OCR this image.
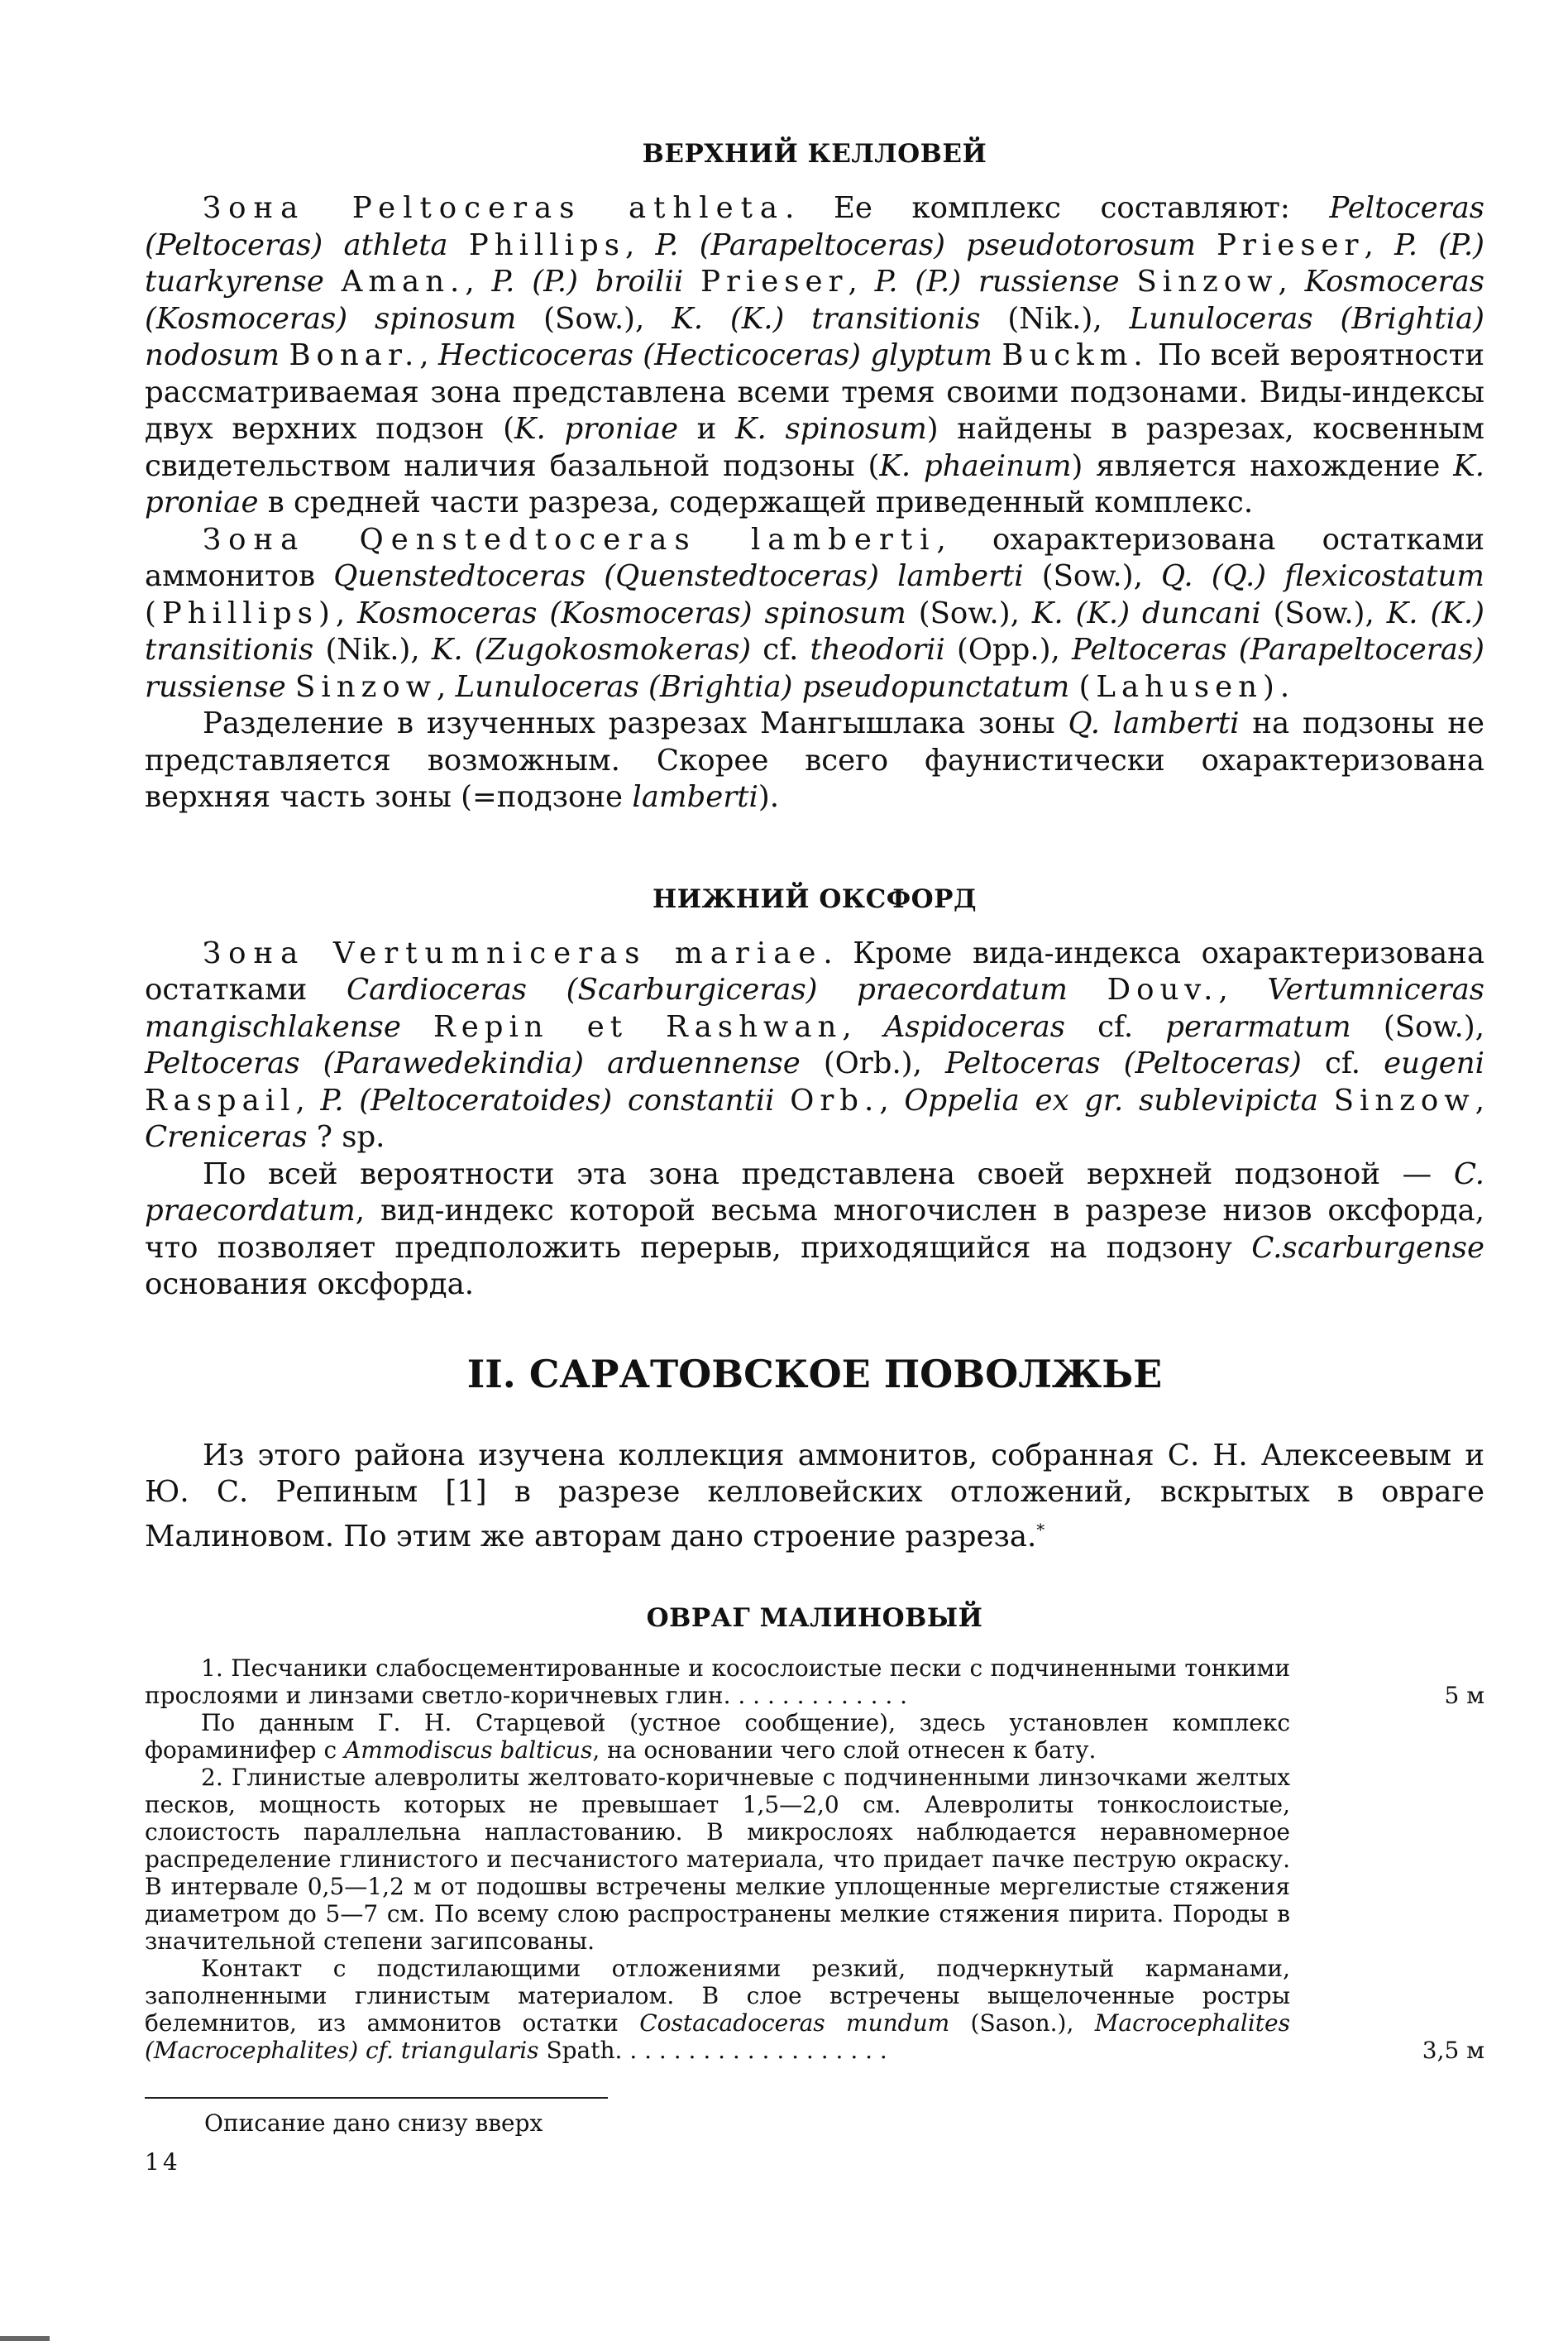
ВЕРХНИЙ КЕЛЛОВЕЙ

Зона Peltoceras athleta. Ее комплекс составляют: Peltoceras (Peltoceras) athleta Phillips, P. (Parapeltoceras) pseudotorosum Prieser, P. (P.) tuarkyrense Aman., P. (P.) broilii Prieser, P. (P.) russiense Sinzow, Kosmoceras (Kosmoceras) spinosum (Sow.), K. (K.) transitionis (Nik.), Lunuloceras (Brightia) nodosum Bonar., Hecticoceras (Hecticoceras) glyptum Buckm. По всей вероятности рассматриваемая зона представлена всеми тремя своими подзонами. Виды-индексы двух верхних подзон (K. proniae и K. spinosum) найдены в разрезах, косвенным свидетельством наличия базальной подзоны (K. phaeinum) является нахождение K. proniae в средней части разреза, содержащей приведенный комплекс.

Зона Qenstedtoceras lamberti, охарактеризована остатками аммонитов Quenstedtoceras (Quenstedtoceras) lamberti (Sow.), Q. (Q.) flexicostatum (Phillips), Kosmoceras (Kosmoceras) spinosum (Sow.), K. (K.) duncani (Sow.), K. (K.) transitionis (Nik.), K. (Zugokosmokeras) cf. theodorii (Opp.), Peltoceras (Parapeltoceras) russiense Sinzow, Lunuloceras (Brightia) pseudopunctatum (Lahusen).

Разделение в изученных разрезах Мангышлака зоны Q. lamberti на подзоны не представляется возможным. Скорее всего фаунистически охарактеризована верхняя часть зоны (=подзоне lamberti).

НИЖНИЙ ОКСФОРД

Зона Vertumniceras mariae. Кроме вида-индекса охарактеризована остатками Cardioceras (Scarburgiceras) praecordatum Douv., Vertumniceras mangischlakense Repin et Rashwan, Aspidoceras cf. perarmatum (Sow.), Peltoceras (Parawedekindia) arduennense (Orb.), Peltoceras (Peltoceras) cf. eugeni Raspail, P. (Peltoceratoides) constantii Orb., Oppelia ex gr. sublevipicta Sinzow, Creniceras ? sp.

По всей вероятности эта зона представлена своей верхней подзоной — C. praecordatum, вид-индекс которой весьма многочислен в разрезе низов оксфорда, что позволяет предположить перерыв, приходящийся на подзону C.scarburgense основания оксфорда.

II. САРАТОВСКОЕ ПОВОЛЖЬЕ

Из этого района изучена коллекция аммонитов, собранная С. Н. Алексеевым и Ю. С. Репиным [1] в разрезе келловейских отложений, вскрытых в овраге Малиновом. По этим же авторам дано строение разреза.*

ОВРАГ МАЛИНОВЫЙ

1. Песчаники слабосцементированные и косослоистые пески с подчиненными тонкими прослоями и линзами светло-коричневых глин. . . . . . . . . . . . .	5 м

По данным Г. Н. Старцевой (устное сообщение), здесь установлен комплекс фораминифер с Ammodiscus balticus, на основании чего слой отнесен к бату.

2. Глинистые алевролиты желтовато-коричневые с подчиненными линзочками желтых песков, мощность которых не превышает 1,5—2,0 см. Алевролиты тонкослоистые, слоистость параллельна напластованию. В микрослоях наблюдается неравномерное распределение глинистого и песчанистого материала, что придает пачке пеструю окраску. В интервале 0,5—1,2 м от подошвы встречены мелкие уплощенные мергелистые стяжения диаметром до 5—7 см. По всему слою распространены мелкие стяжения пирита. Породы в значительной степени загипсованы.

Контакт с подстилающими отложениями резкий, подчеркнутый карманами, заполненными глинистым материалом. В слое встречены выщелоченные ростры белемнитов, из аммонитов остатки Costacadoceras mundum (Sason.), Macrocephalites (Macrocephalites) cf. triangularis Spath. . . . . . . . . . . . . . . . . . .	3,5 м
Описание дано снизу вверх
14
